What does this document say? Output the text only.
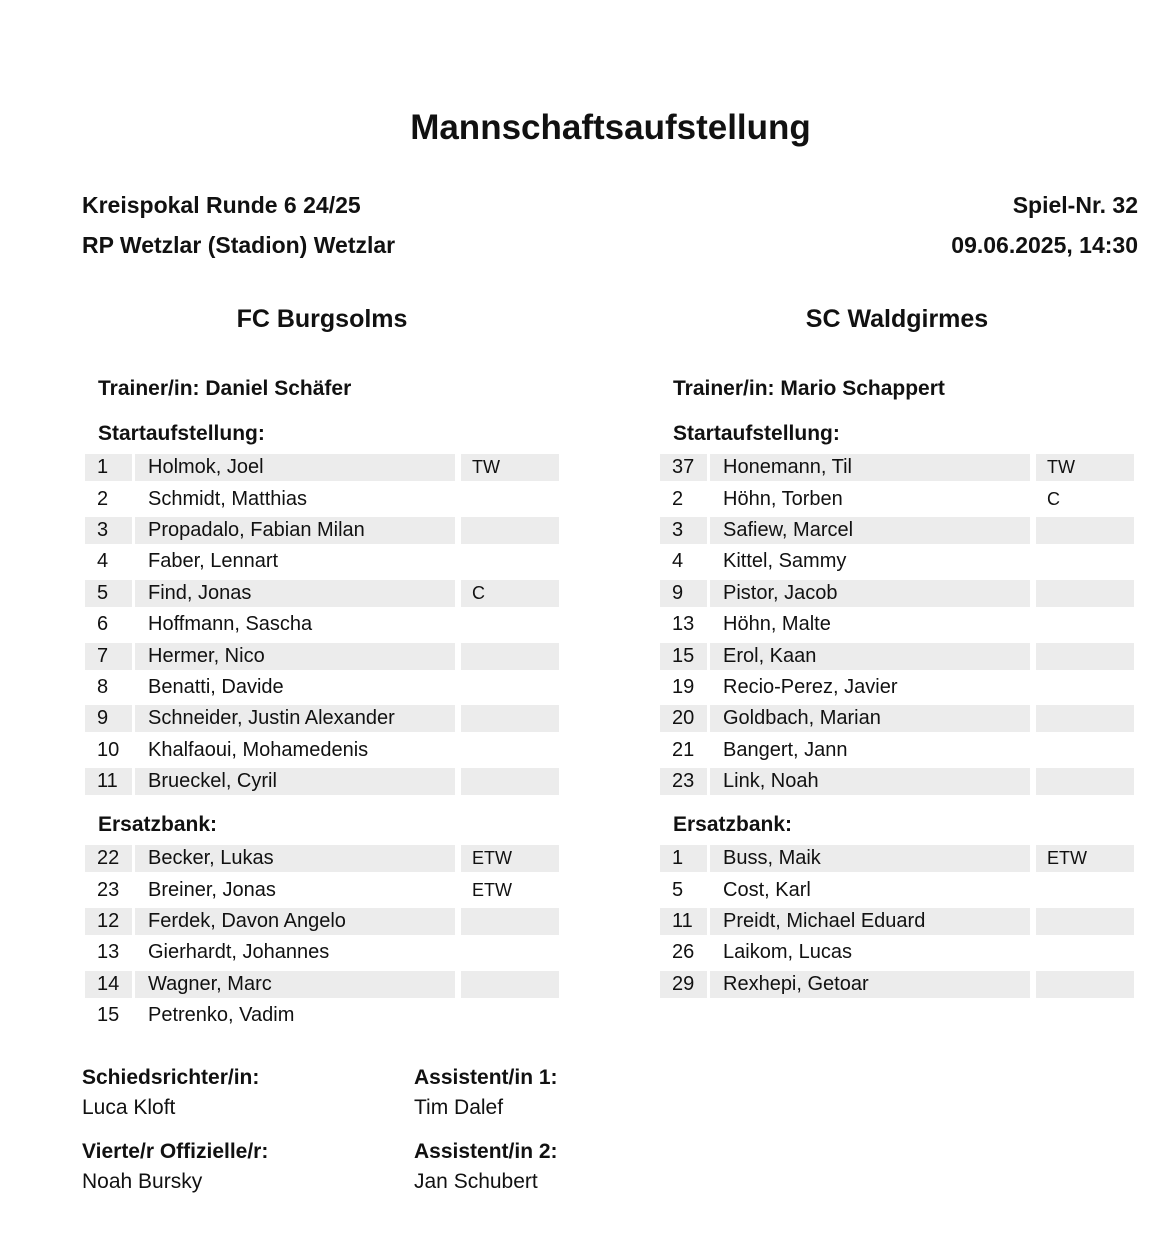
Mannschaftsaufstellung
Kreispokal Runde 6 24/25
RP Wetzlar (Stadion) Wetzlar
Spiel-Nr. 32
09.06.2025, 14:30
FC Burgsolms	SC Waldgirmes
Trainer/in: Daniel Schäfer	Trainer/in: Mario Schappert
Startaufstellung:	Startaufstellung:
1	Holmok, Joel	TW
2	Schmidt, Matthias
3	Propadalo, Fabian Milan
4	Faber, Lennart
5	Find, Jonas	C
6	Hoffmann, Sascha
7	Hermer, Nico
8	Benatti, Davide
9	Schneider, Justin Alexander
10	Khalfaoui, Mohamedenis
11	Brueckel, Cyril
37	Honemann, Til	TW
2	Höhn, Torben	C
3	Safiew, Marcel
4	Kittel, Sammy
9	Pistor, Jacob
13	Höhn, Malte
15	Erol, Kaan
19	Recio-Perez, Javier
20	Goldbach, Marian
21	Bangert, Jann
23	Link, Noah
Ersatzbank:	Ersatzbank:
22	Becker, Lukas	ETW
23	Breiner, Jonas	ETW
12	Ferdek, Davon Angelo
13	Gierhardt, Johannes
14	Wagner, Marc
15	Petrenko, Vadim
1	Buss, Maik	ETW
5	Cost, Karl
11	Preidt, Michael Eduard
26	Laikom, Lucas
29	Rexhepi, Getoar
Schiedsrichter/in:
Luca Kloft
Assistent/in 1:
Tim Dalef
Vierte/r Offizielle/r:
Noah Bursky
Assistent/in 2:
Jan Schubert
